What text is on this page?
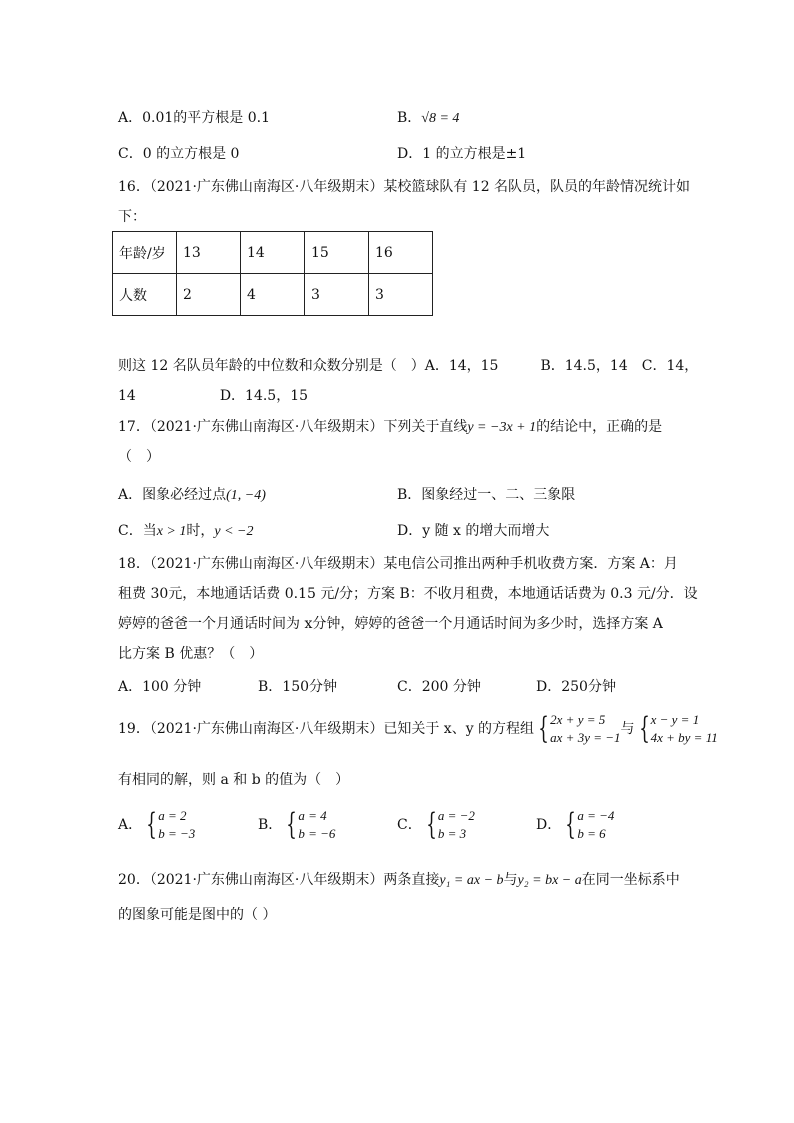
A．0.01的平方根是 0.1	B．√8 = 4
C．0 的立方根是 0	D．1 的立方根是±1
16．（2021·广东佛山南海区·八年级期末）某校篮球队有 12 名队员，队员的年龄情况统计如
下：
年龄/岁	13	14	15	16
人数	2	4	3	3
则这 12 名队员年龄的中位数和众数分别是（　）A．14，15　　　B．14.5，14　C．14，
14　　　　　　D．14.5，15
17．（2021·广东佛山南海区·八年级期末）下列关于直线y = −3x + 1的结论中，正确的是
（　）
A．图象必经过点(1, −4)	B．图象经过一、二、三象限
C．当x > 1时，y < −2	D．y 随 x 的增大而增大
18．（2021·广东佛山南海区·八年级期末）某电信公司推出两种手机收费方案．方案 A：月
租费 30元，本地通话话费 0.15 元/分；方案 B：不收月租费，本地通话话费为 0.3 元/分．设
婷婷的爸爸一个月通话时间为 x分钟，婷婷的爸爸一个月通话时间为多少时，选择方案 A
比方案 B 优惠？（　）
A．100 分钟	B．150分钟	C．200 分钟	D．250分钟
19．（2021·广东佛山南海区·八年级期末）已知关于 x、y 的方程组 { 2x + y = 5
ax + 3y = −1
与 { x − y = 1
4x + by = 11
有相同的解，则 a 和 b 的值为（　）
A． { a = 2
b = −3
B． { a = 4
b = −6
C． { a = −2
b = 3
D． { a = −4
b = 6
20．（2021·广东佛山南海区·八年级期末）两条直接y₁ = ax − b与y₂ = bx − a在同一坐标系中
的图象可能是图中的（ ）
